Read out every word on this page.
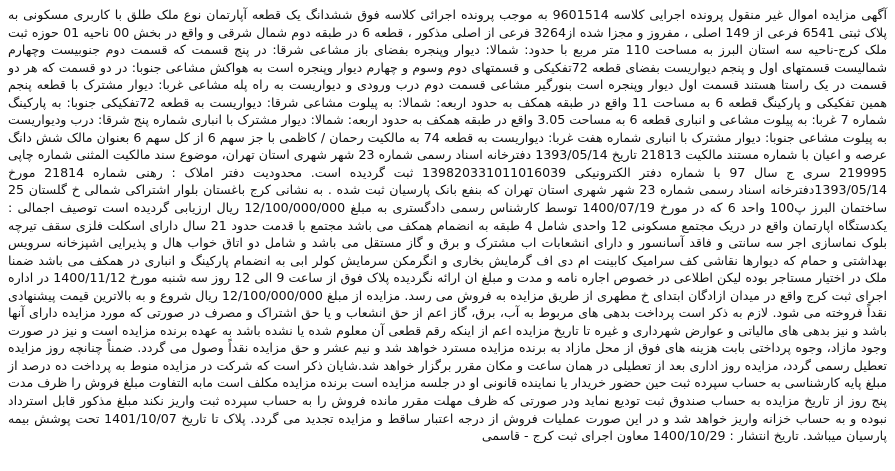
آگهی مزایده اموال غیر منقول پرونده اجرایی کلاسه 9601514 به موجب پرونده اجرائی کلاسه فوق ششدانگ یک قطعه آپارتمان نوع ملک طلق با کاربری مسکونی به پلاک ثبتی 6541 فرعی از 149 اصلی ، مفروز و مجزا شده از3264 فرعی از اصلی مذکور ، قطعه 6 در طبقه دوم شمال شرقی و واقع در بخش 00 ناحیه 01 حوزه ثبت ملک کرج-ناحیه سه استان البرز به مساحت 110 متر مربع با حدود: شمالا: دیوار وپنجره بفضای باز مشاعی شرقا: در پنج قسمت که قسمت دوم جنوبیست وچهارم شمالیست قسمتهای اول و پنجم دیواریست بفضای قطعه 72تفکیکی و قسمتهای دوم وسوم و چهارم دیوار وپنجره است به هواکش مشاعی جنوبا: در دو قسمت که هر دو قسمت در یک راستا هستند قسمت اول دیوار وپنجره است بنورگیر مشاعی قسمت دوم درب ورودی و دیواریست به راه پله مشاعی غربا: دیوار مشترک با قطعه پنجم همین تفکیکی و پارکینگ قطعه 6 به مساحت 11 واقع در طبقه همکف به حدود اربعه: شمالا: به پیلوت مشاعی شرقا: دیواریست به قطعه 72تفکیکی جنوبا: به پارکینگ شماره 7 غربا: به پیلوت مشاعی و انباری قطعه 6 به مساحت 3.05 واقع در طبقه همکف به حدود اربعه: شمالا: دیوار مشترک با انباری شماره پنج شرقا: درب ودیواریست به پیلوت مشاعی جنوبا: دیوار مشترک با انباری شماره هفت غربا: دیواریست به قطعه 74 به مالکیت رحمان / کاظمی با جز سهم 6 از کل سهم 6 بعنوان مالک شش دانگ عرصه و اعیان با شماره مستند مالکیت 21813 تاریخ 1393/05/14 دفترخانه اسناد رسمی شماره 23 شهر شهری استان تهران، موضوع سند مالکیت المثنی شماره چاپی 219995 سری ج سال 97 با شماره دفتر الکترونیکی 139820331011016039 ثبت گردیده است. محدودیت دفتر املاک : رهنی شماره 21814 مورخ 1393/05/14دفترخانه اسناد رسمی شماره 23 شهر شهری استان تهران که بنفع بانک پارسیان ثبت شده . به نشانی کرج باغستان بلوار اشتراکی شمالی خ گلستان 25 ساختمان البرز پ100 واحد 6 که در مورخ 1400/07/19 توسط کارشناس رسمی دادگستری به مبلغ 12/100/000/000 ریال ارزیابی گردیده است توصیف اجمالی : یکدستگاه اپارتمان واقع در دریک مجتمع مسکونی 12 واحدی شامل 4 طبقه به انضمام همکف می باشد مجتمع با قدمت حدود 21 سال دارای اسکلت فلزی سقف تیرچه بلوک نماسازی اجر سه سانتی و فاقد آسانسور و دارای انشعابات اب مشترک و برق و گاز مستقل می باشد و شامل دو اتاق خواب هال و پذیرایی اشپزخانه سرویس بهداشتی و حمام که دیوارها نقاشی کف سرامیک کابینت ام دی اف گرمایش بخاری و انگرمکن سرمایش کولر ابی به انضمام پارکینگ و انباری در همکف می باشد ضمنا ملک در اختیار مستاجر بوده لیکن اطلاعی در خصوص اجاره نامه و مدت و مبلغ ان ارائه نگردیده پلاک فوق از ساعت 9 الی 12 روز سه شنبه مورخ 1400/11/12 در اداره اجرای ثبت کرج واقع در میدان ازادگان ابتدای خ مطهری از طریق مزایده به فروش می رسد. مزایده از مبلغ 12/100/000/000 ریال شروع و به بالاترین قیمت پیشنهادی نقداً فروخته می شود. لازم به ذکر است پرداخت بدهی های مربوط به آب، برق، گاز اعم از حق انشعاب و یا حق اشتراک و مصرف در صورتی که مورد مزایده دارای آنها باشد و نیز بدهی های مالیاتی و عوارض شهرداری و غیره تا تاریخ مزایده اعم از اینکه رقم قطعی آن معلوم شده یا نشده باشد به عهده برنده مزایده است و نیز در صورت وجود مازاد، وجوه پرداختی بابت هزینه های فوق از محل مازاد به برنده مزایده مسترد خواهد شد و نیم عشر و حق مزایده نقداً وصول می گردد. ضمناً چنانچه روز مزایده تعطیل رسمی گردد، مزایده روز اداری بعد از تعطیلی در همان ساعت و مکان مقرر برگزار خواهد شد.شایان ذکر است که شرکت در مزایده منوط به پرداخت ده درصد از مبلغ پایه کارشناسی به حساب سپرده ثبت حین حضور خریدار یا نماینده قانونی او در جلسه مزایده است برنده مزایده مکلف است مابه التفاوت مبلغ فروش را ظرف مدت پنج روز از تاریخ مزایده به حساب صندوق ثبت تودیع نماید ودر صورتی که ظرف مهلت مقرر مانده فروش را به حساب سپرده ثبت واریز نکند مبلغ مذکور قابل استرداد نبوده و به حساب خزانه واریز خواهد شد و در این صورت عملیات فروش از درجه اعتبار ساقط و مزایده تجدید می گردد. پلاک تا تاریخ 1401/10/07 تحت پوشش بیمه پارسیان میباشد. تاریخ انتشار : 1400/10/29 معاون اجرای ثبت کرج - قاسمی
